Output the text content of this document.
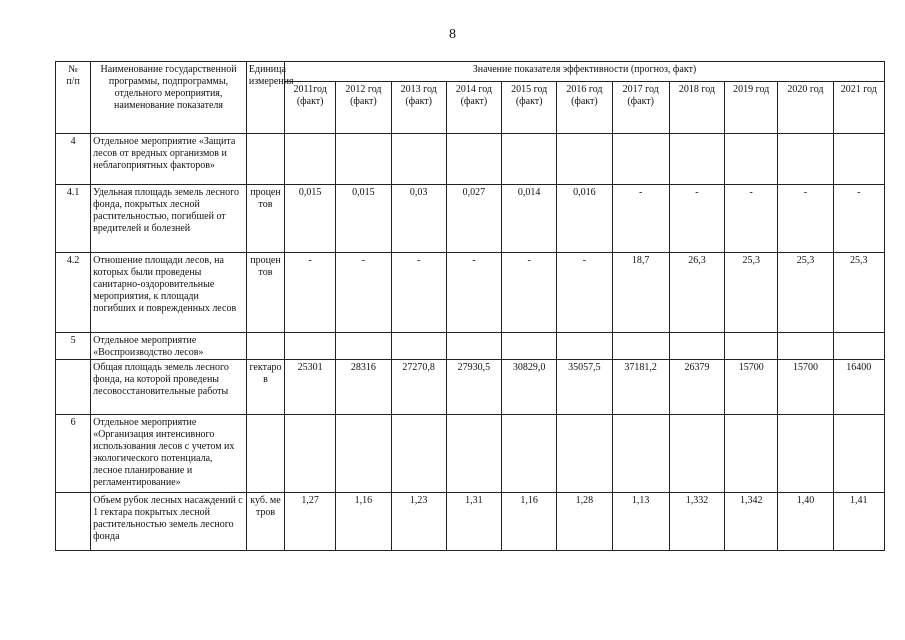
8
№
п/п	Наименование государственной программы, подпрограммы, отдельного мероприятия, наименование показателя	Единица измерения	Значение показателя эффективности (прогноз, факт)										
			2011год (факт)	2012 год (факт)	2013 год (факт)	2014 год (факт)	2015 год (факт)	2016 год (факт)	2017 год (факт)	2018 год	2019 год	2020 год	2021 год
4	Отдельное мероприятие «Защита лесов от вредных организмов и неблагоприятных факторов»												
4.1	Удельная площадь земель лесного фонда, покрытых лесной растительностью, погибшей от вредителей и болезней	процентов	0,015	0,015	0,03	0,027	0,014	0,016	-	-	-	-	-
4.2	Отношение площади лесов, на которых были проведены санитарно-оздоровительные мероприятия, к площади погибших и поврежденных лесов	процентов	-	-	-	-	-	-	18,7	26,3	25,3	25,3	25,3
5	Отдельное мероприятие «Воспроизводство лесов»												
	Общая площадь земель лесного фонда, на которой проведены лесовосстановительные работы	гектаров	25301	28316	27270,8	27930,5	30829,0	35057,5	37181,2	26379	15700	15700	16400
6	Отдельное мероприятие «Организация интенсивного использования лесов с учетом их экологического потенциала, лесное планирование и регламентирование»												
	Объем рубок лесных насаждений с 1 гектара покрытых лесной растительностью земель лесного фонда	куб. метров	1,27	1,16	1,23	1,31	1,16	1,28	1,13	1,332	1,342	1,40	1,41
